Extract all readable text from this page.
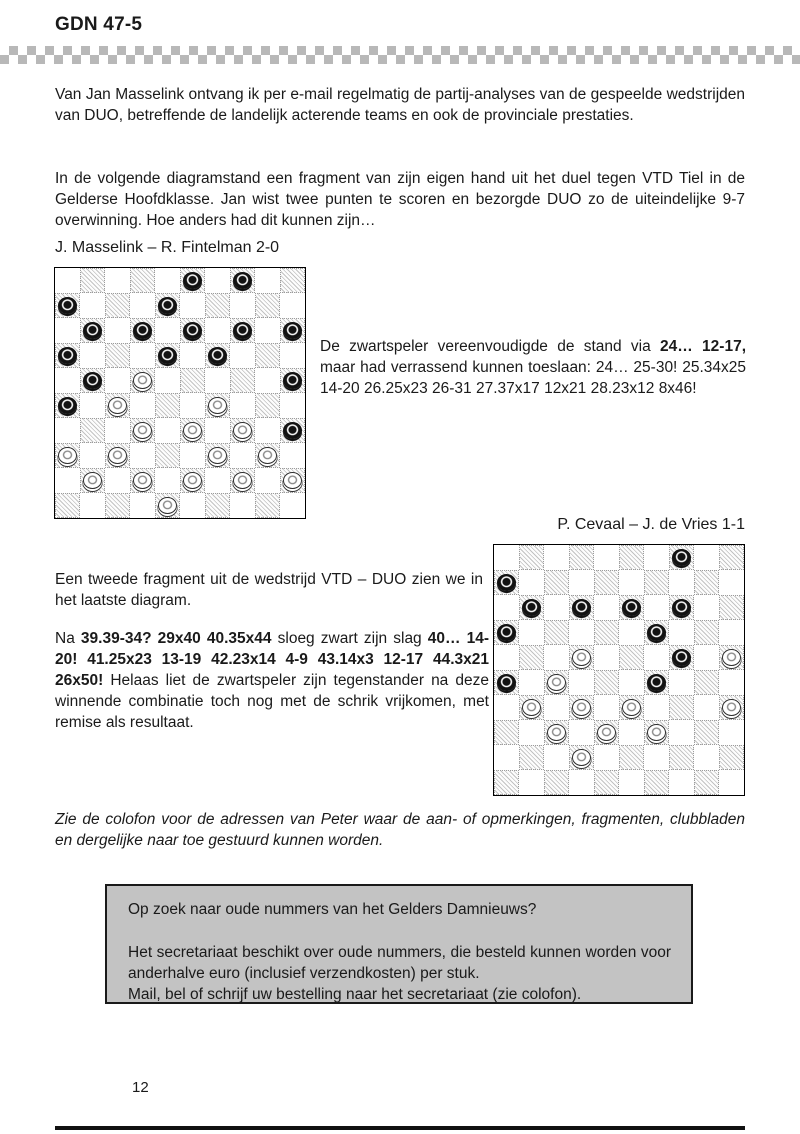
GDN 47-5

Van Jan Masselink ontvang ik per e-mail regelmatig de partij-analyses van de gespeelde wedstrijden van DUO, betreffende de landelijk acterende teams en ook de provinciale prestaties.

In de volgende diagramstand een fragment van zijn eigen hand uit het duel tegen VTD Tiel in de Gelderse Hoofdklasse. Jan wist twee punten te scoren en bezorgde DUO zo de uiteindelijke 9-7 overwinning. Hoe anders had dit kunnen zijn…

J. Masselink – R. Fintelman 2-0

De zwartspeler vereenvoudigde de stand via 24… 12-17, maar had verrassend kunnen toeslaan: 24… 25-30! 25.34x25 14-20 26.25x23 26-31 27.37x17 12x21 28.23x12 8x46!

P. Cevaal – J. de Vries 1-1

Een tweede fragment uit de wedstrijd VTD – DUO zien we in het laatste diagram.

Na 39.39-34? 29x40 40.35x44 sloeg zwart zijn slag 40… 14-20! 41.25x23 13-19 42.23x14 4-9 43.14x3 12-17 44.3x21 26x50! Helaas liet de zwartspeler zijn tegenstander na deze winnende combinatie toch nog met de schrik vrijkomen, met remise als resultaat.

Zie de colofon voor de adressen van Peter waar de aan- of opmerkingen, fragmenten, clubbladen en dergelijke naar toe gestuurd kunnen worden.

Op zoek naar oude nummers van het Gelders Damnieuws?

Het secretariaat beschikt over oude nummers, die besteld kunnen worden voor anderhalve euro (inclusief verzendkosten) per stuk.

Mail, bel of schrijf uw bestelling naar het secretariaat (zie colofon).

12
